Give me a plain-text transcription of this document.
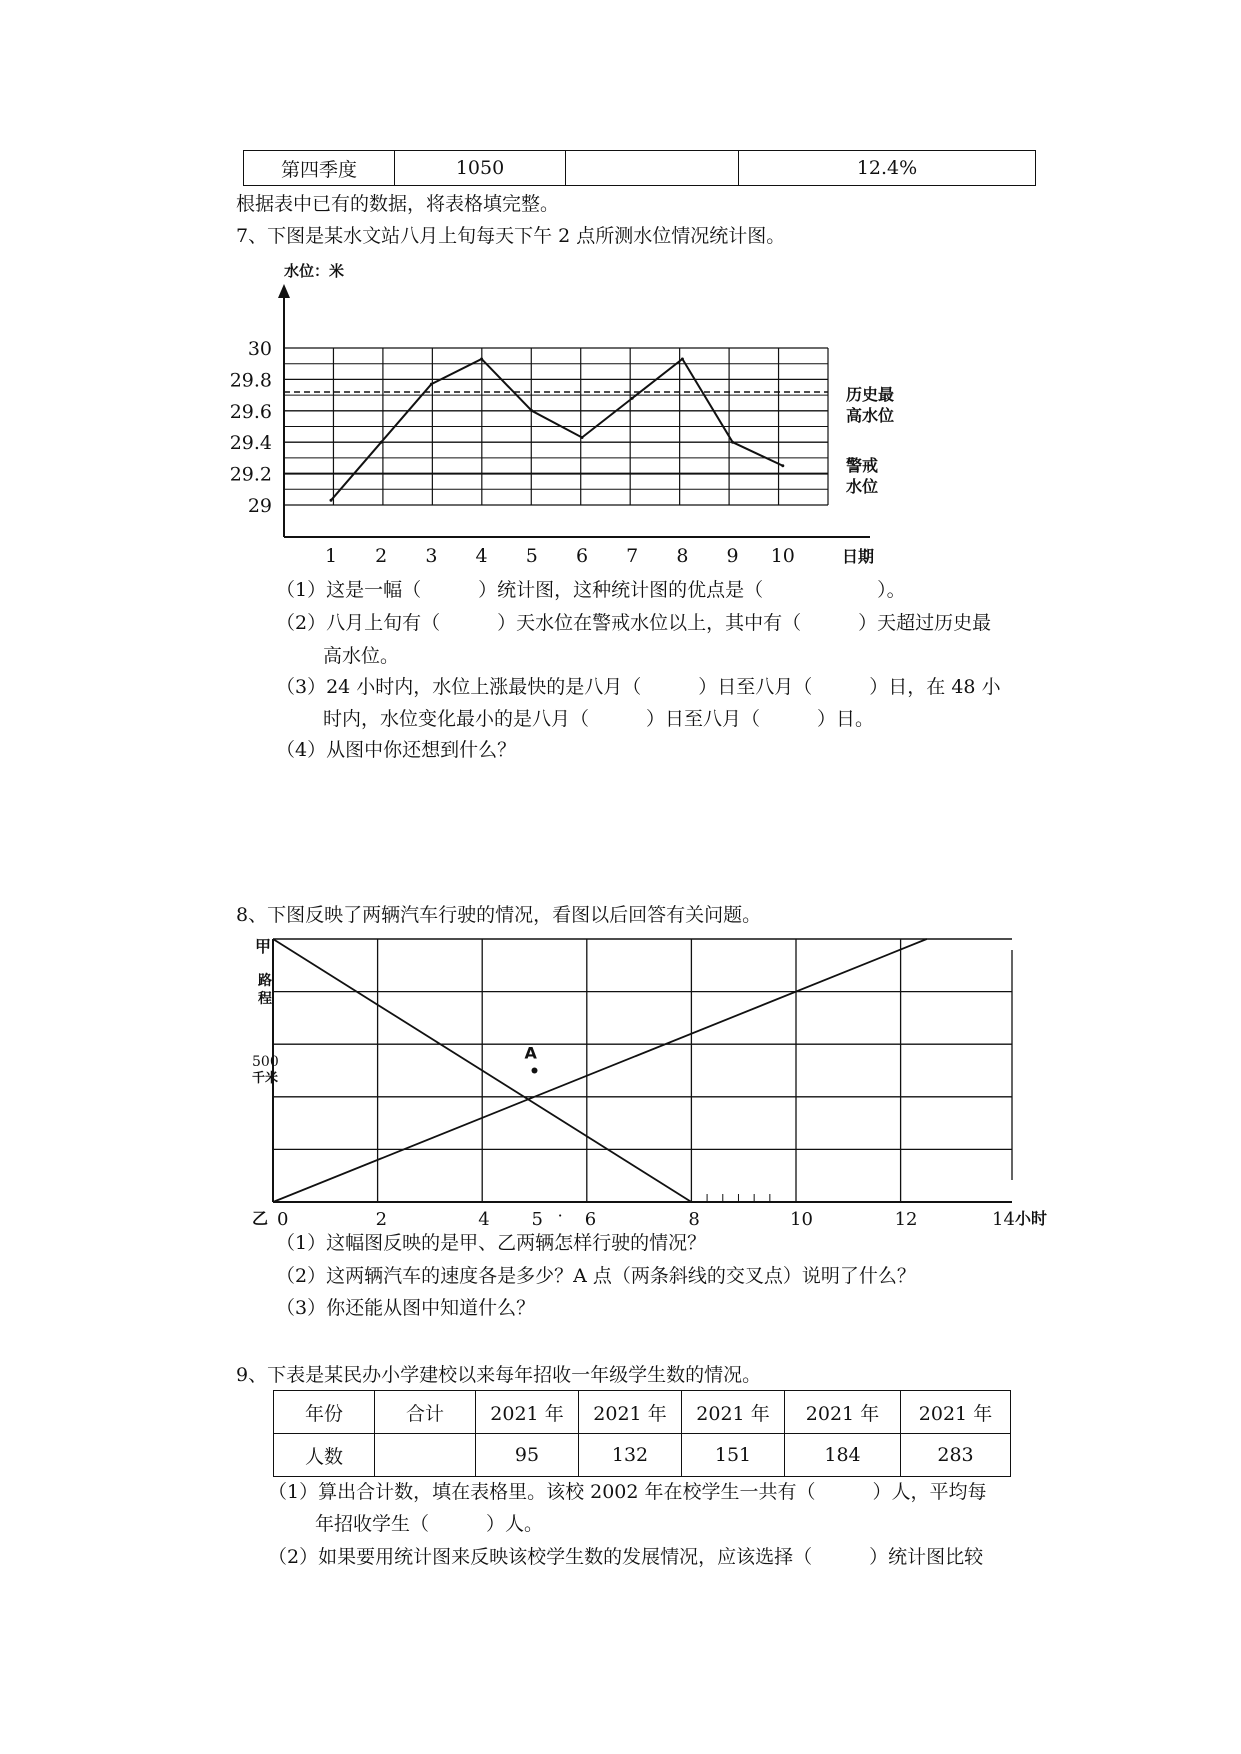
第四季度	1050		12.4%
根据表中已有的数据，将表格填完整。
7、下图是某水文站八月上旬每天下午 2 点所测水位情况统计图。
29
29.2
29.4
29.6
29.8
30
1 2 3 4 5 6 7 8 9 10	日期
水位：米
历史最
高水位
警戒
水位
（1）这是一幅（　　　）统计图，这种统计图的优点是（　　　　　　）。
（2）八月上旬有（　　　）天水位在警戒水位以上，其中有（　　　）天超过历史最
高水位。
（3）24 小时内，水位上涨最快的是八月（　　　）日至八月（　　　）日，在 48 小
时内，水位变化最小的是八月（　　　）日至八月（　　　）日。
（4）从图中你还想到什么？
8、下图反映了两辆汽车行驶的情况，看图以后回答有关问题。
A
甲
路
程
500
千米
乙 0	2	4 5 6	8	10	12	14
·	小时
（1）这幅图反映的是甲、乙两辆怎样行驶的情况？
（2）这两辆汽车的速度各是多少？A 点（两条斜线的交叉点）说明了什么？
（3）你还能从图中知道什么？
9、下表是某民办小学建校以来每年招收一年级学生数的情况。
年份	合计	2021 年	2021 年	2021 年	2021 年	2021 年
人数		95	132	151	184	283
（1）算出合计数，填在表格里。该校 2002 年在校学生一共有（　　　）人，平均每
年招收学生（　　　）人。
（2）如果要用统计图来反映该校学生数的发展情况，应该选择（　　　）统计图比较
